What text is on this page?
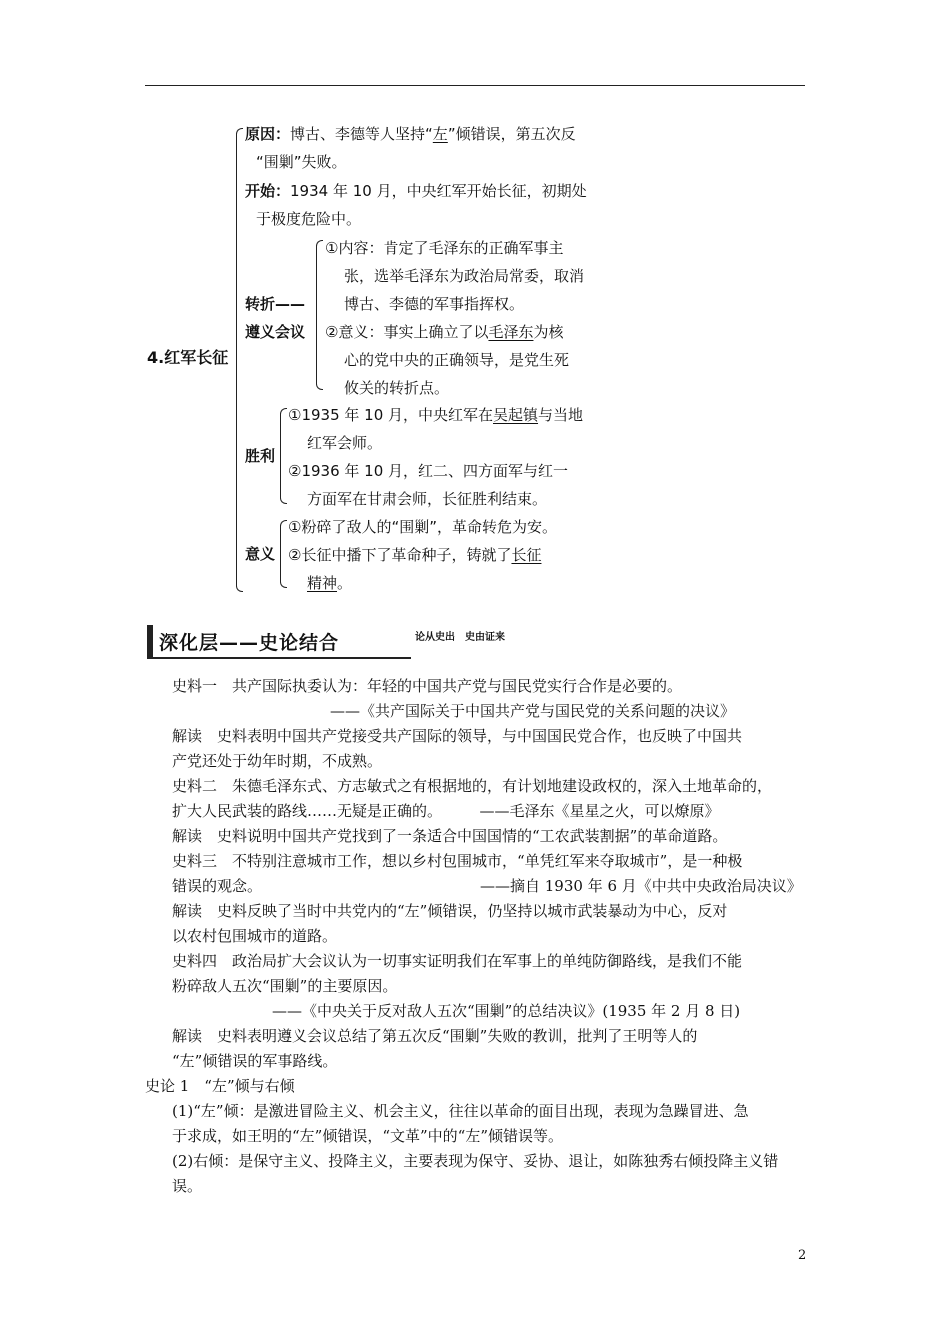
4.红军长征
原因：博古、李德等人坚持“左”倾错误，第五次反
“围剿”失败。
开始：1934 年 10 月，中央红军开始长征，初期处
于极度危险中。
转折——
遵义会议
①内容：肯定了毛泽东的正确军事主
张，选举毛泽东为政治局常委，取消
博古、李德的军事指挥权。
②意义：事实上确立了以毛泽东为核
心的党中央的正确领导，是党生死
攸关的转折点。
胜利
①1935 年 10 月，中央红军在吴起镇与当地
红军会师。
②1936 年 10 月，红二、四方面军与红一
方面军在甘肃会师，长征胜利结束。
意义
①粉碎了敌人的“围剿”，革命转危为安。
②长征中播下了革命种子，铸就了长征
精神。
深化层——史论结合	论从史出　史由证来
史料一　共产国际执委认为：年轻的中国共产党与国民党实行合作是必要的。
——《共产国际关于中国共产党与国民党的关系问题的决议》
解读　史料表明中国共产党接受共产国际的领导，与中国国民党合作，也反映了中国共
产党还处于幼年时期，不成熟。
史料二　朱德毛泽东式、方志敏式之有根据地的，有计划地建设政权的，深入土地革命的，
扩大人民武装的路线……无疑是正确的。　　　——毛泽东《星星之火，可以燎原》
解读　史料说明中国共产党找到了一条适合中国国情的“工农武装割据”的革命道路。
史料三　不特别注意城市工作，想以乡村包围城市，“单凭红军来夺取城市”，是一种极
错误的观念。	——摘自 1930 年 6 月《中共中央政治局决议》
解读　史料反映了当时中共党内的“左”倾错误，仍坚持以城市武装暴动为中心，反对
以农村包围城市的道路。
史料四　政治局扩大会议认为一切事实证明我们在军事上的单纯防御路线，是我们不能
粉碎敌人五次“围剿”的主要原因。
——《中央关于反对敌人五次“围剿”的总结决议》(1935 年 2 月 8 日)
解读　史料表明遵义会议总结了第五次反“围剿”失败的教训，批判了王明等人的
“左”倾错误的军事路线。
史论 1　“左”倾与右倾
(1)“左”倾：是激进冒险主义、机会主义，往往以革命的面目出现，表现为急躁冒进、急
于求成，如王明的“左”倾错误，“文革”中的“左”倾错误等。
(2)右倾：是保守主义、投降主义，主要表现为保守、妥协、退让，如陈独秀右倾投降主义错
误。
2
